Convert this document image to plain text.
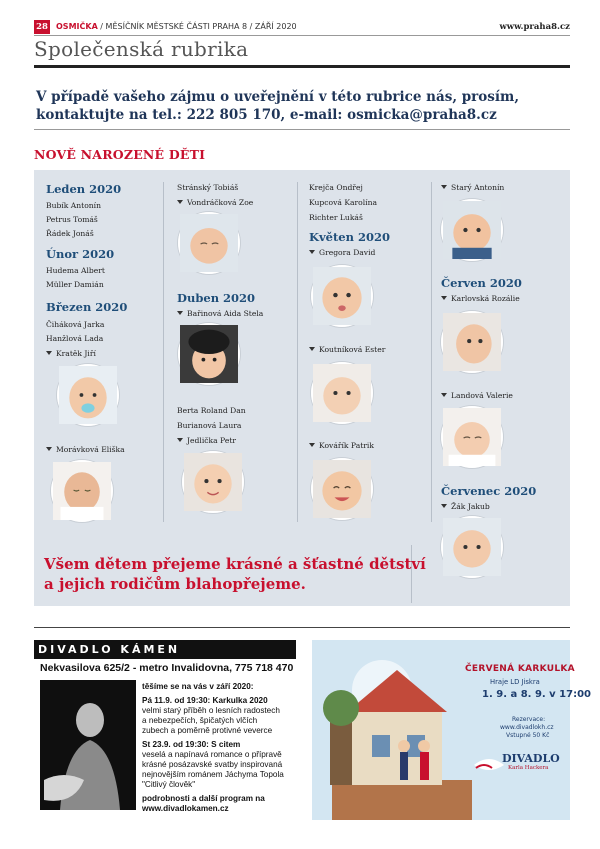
28 OSMIČKA / MĚSÍČNÍK MĚSTSKÉ ČÁSTI PRAHA 8 / ZÁŘÍ 2020	www.praha8.cz
Společenská rubrika
V případě vašeho zájmu o uveřejnění v této rubrice nás, prosím,
kontaktujte na tel.: 222 805 170, e-mail: osmicka@praha8.cz
NOVĚ NAROZENÉ DĚTI
Leden 2020
Bubík Antonín
Petrus Tomáš
Řádek Jonáš
Únor 2020
Hudema Albert
Müller Damián
Březen 2020
Čiháková Jarka
Hanžlová Lada
Kratěk Jiří
Morávková Eliška
Stránský Tobiáš
Vondráčková Zoe
Duben 2020
Bařinová Aida Stela
Berta Roland Dan
Burianová Laura
Jedlička Petr
Krejča Ondřej
Kupcová Karolína
Richter Lukáš
Květen 2020
Gregora David
Koutníková Ester
Kovářík Patrik
Starý Antonín
Červen 2020
Karlovská Rozálie
Landová Valerie
Červenec 2020
Žák Jakub
Všem dětem přejeme krásné a šťastné dětství
a jejich rodičům blahopřejeme.
DIVADLO KÁMEN
Nekvasilova 625/2 - metro Invalidovna, 775 718 470
těšíme se na vás v září 2020:
Pá 11.9. od 19:30: Karkulka 2020
velmi starý příběh o lesních radostech
a nebezpečích, špičatých vlčích
zubech a poměrně protivné veverce
St 23.9. od 19:30: S citem
veselá a napínavá romance o přípravě
krásné posázavské svatby inspirovaná
nejnovějším románem Jáchyma Topola
"Citlivý člověk"
podrobnosti a další program na
www.divadlokamen.cz
ČERVENÁ KARKULKA
Hraje LD Jiskra
1. 9. a 8. 9. v 17:00
Rezervace:
www.divadlokh.cz
Vstupné 50 Kč
DIVADLO
Karla Hackera
